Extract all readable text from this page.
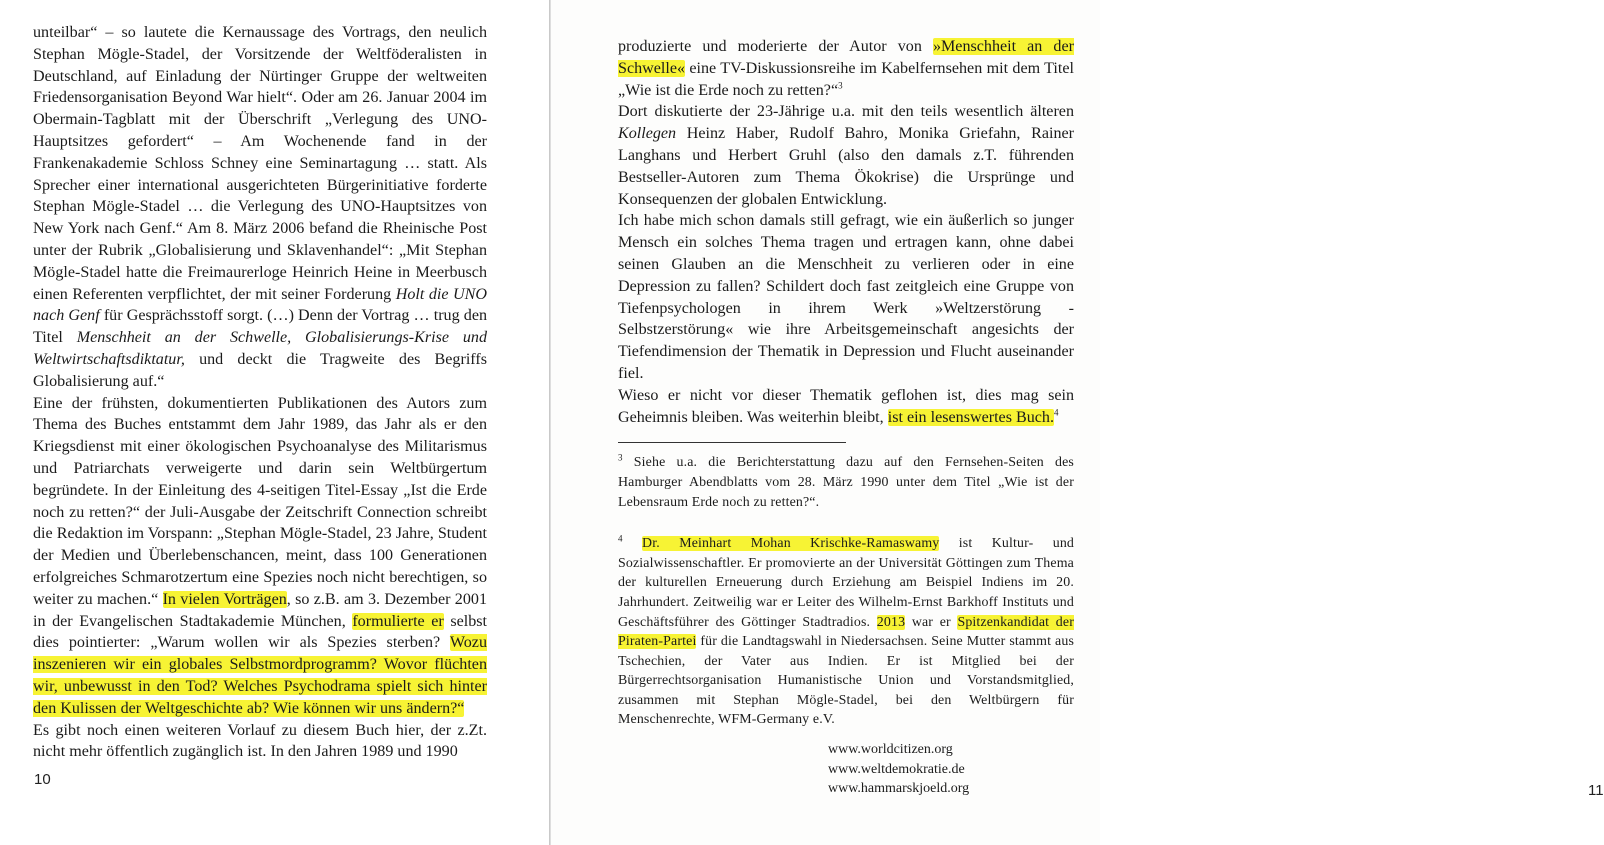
unteilbar“ – so lautete die Kernaussage des Vortrags, den neulich Stephan Mögle-Stadel, der Vorsitzende der Weltföderalisten in Deutschland, auf Einladung der Nürtinger Gruppe der weltweiten Friedensorganisation Beyond War hielt“. Oder am 26. Januar 2004 im Obermain-Tagblatt mit der Überschrift „Verlegung des UNO-Hauptsitzes gefordert“ – Am Wochenende fand in der Frankenakademie Schloss Schney eine Seminartagung … statt. Als Sprecher einer international ausgerichteten Bürgerinitiative forderte Stephan Mögle-Stadel … die Verlegung des UNO-Hauptsitzes von New York nach Genf.“ Am 8. März 2006 befand die Rheinische Post unter der Rubrik „Globalisierung und Sklavenhandel“: „Mit Stephan Mögle-Stadel hatte die Freimaurerloge Heinrich Heine in Meerbusch einen Referenten verpflichtet, der mit seiner Forderung Holt die UNO nach Genf für Gesprächsstoff sorgt. (…) Denn der Vortrag … trug den Titel Menschheit an der Schwelle, Globalisierungs-Krise und Weltwirtschaftsdiktatur, und deckt die Tragweite des Begriffs Globalisierung auf.“

Eine der frühsten, dokumentierten Publikationen des Autors zum Thema des Buches entstammt dem Jahr 1989, das Jahr als er den Kriegsdienst mit einer ökologischen Psychoanalyse des Militarismus und Patriarchats verweigerte und darin sein Weltbürgertum begründete. In der Einleitung des 4-seitigen Titel-Essay „Ist die Erde noch zu retten?“ der Juli-Ausgabe der Zeitschrift Connection schreibt die Redaktion im Vorspann: „Stephan Mögle-Stadel, 23 Jahre, Student der Medien und Überlebenschancen, meint, dass 100 Generationen erfolgreiches Schmarotzertum eine Spezies noch nicht berechtigen, so weiter zu machen.“ In vielen Vorträgen, so z.B. am 3. Dezember 2001 in der Evangelischen Stadtakademie München, formulierte er selbst dies pointierter: „Warum wollen wir als Spezies sterben? Wozu inszenieren wir ein globales Selbstmordprogramm? Wovor flüchten wir, unbewusst in den Tod? Welches Psychodrama spielt sich hinter den Kulissen der Weltgeschichte ab? Wie können wir uns ändern?“

Es gibt noch einen weiteren Vorlauf zu diesem Buch hier, der z.Zt. nicht mehr öffentlich zugänglich ist. In den Jahren 1989 und 1990

10

produzierte und moderierte der Autor von »Menschheit an der Schwelle« eine TV-Diskussionsreihe im Kabelfernsehen mit dem Titel „Wie ist die Erde noch zu retten?“$^3$

Dort diskutierte der 23-Jährige u.a. mit den teils wesentlich älteren Kollegen Heinz Haber, Rudolf Bahro, Monika Griefahn, Rainer Langhans und Herbert Gruhl (also den damals z.T. führenden Bestseller-Autoren zum Thema Ökokrise) die Ursprünge und Konsequenzen der globalen Entwicklung.

Ich habe mich schon damals still gefragt, wie ein äußerlich so junger Mensch ein solches Thema tragen und ertragen kann, ohne dabei seinen Glauben an die Menschheit zu verlieren oder in eine Depression zu fallen? Schildert doch fast zeitgleich eine Gruppe von Tiefenpsychologen in ihrem Werk »Weltzerstörung - Selbstzerstörung« wie ihre Arbeitsgemeinschaft angesichts der Tiefendimension der Thematik in Depression und Flucht auseinander fiel.

Wieso er nicht vor dieser Thematik geflohen ist, dies mag sein Geheimnis bleiben. Was weiterhin bleibt, ist ein lesenswertes Buch.$^4$

$^3$ Siehe u.a. die Berichterstattung dazu auf den Fernsehen-Seiten des Hamburger Abendblatts vom 28. März 1990 unter dem Titel „Wie ist der Lebensraum Erde noch zu retten?“.

$^4$ Dr. Meinhart Mohan Krischke-Ramaswamy ist Kultur- und Sozialwissenschaftler. Er promovierte an der Universität Göttingen zum Thema der kulturellen Erneuerung durch Erziehung am Beispiel Indiens im 20. Jahrhundert. Zeitweilig war er Leiter des Wilhelm-Ernst Barkhoff Instituts und Geschäftsführer des Göttinger Stadtradios. 2013 war er Spitzenkandidat der Piraten-Partei für die Landtagswahl in Niedersachsen. Seine Mutter stammt aus Tschechien, der Vater aus Indien. Er ist Mitglied bei der Bürgerrechtsorganisation Humanistische Union und Vorstandsmitglied, zusammen mit Stephan Mögle-Stadel, bei den Weltbürgern für Menschenrechte, WFM-Germany e.V.

www.worldcitizen.org
www.weltdemokratie.de
www.hammarskjoeld.org	11
